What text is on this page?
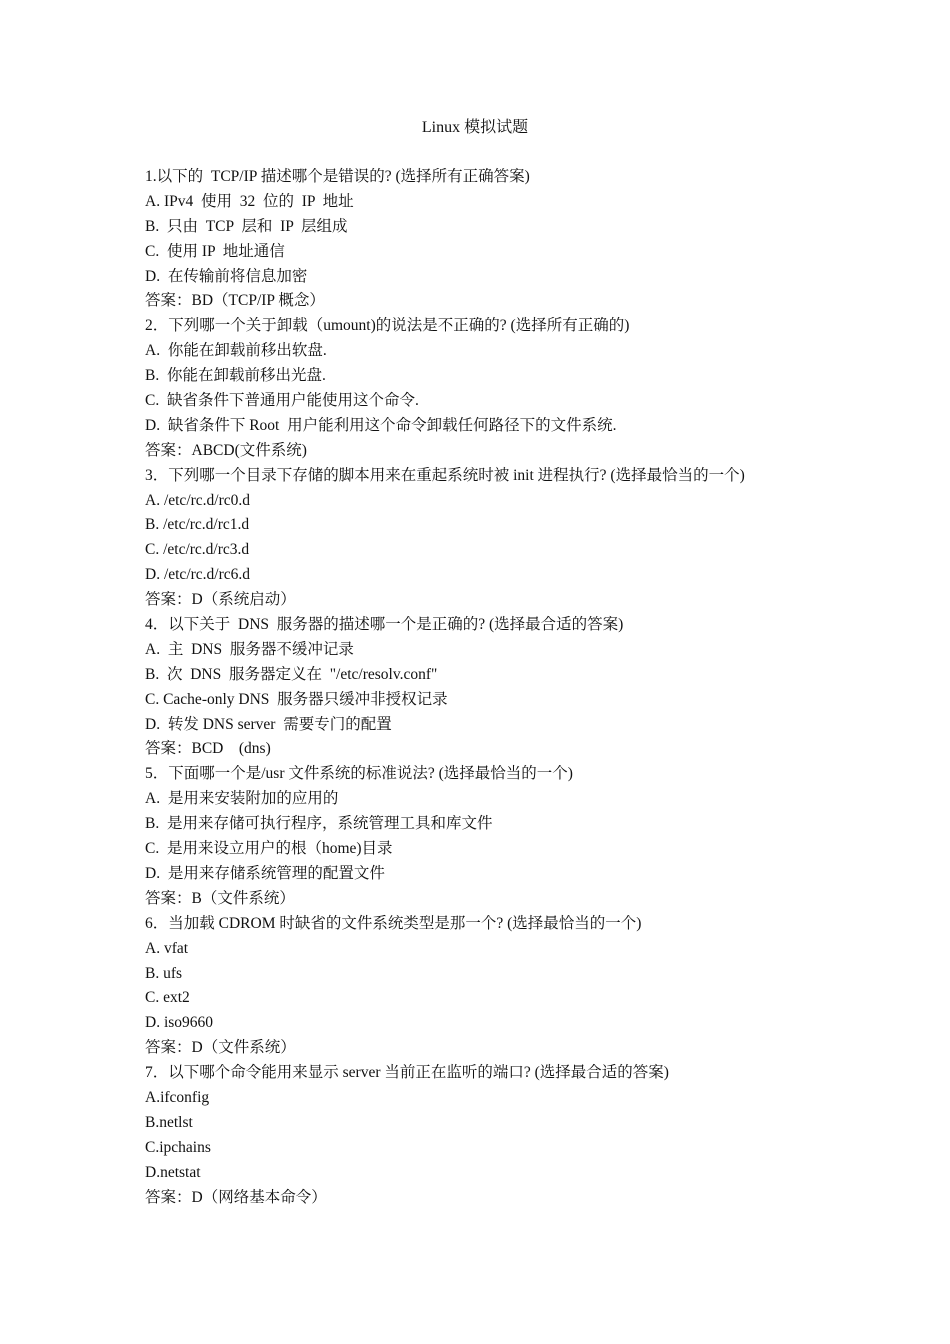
Linux 模拟试题
1.以下的  TCP/IP 描述哪个是错误的? (选择所有正确答案)
A. IPv4  使用  32  位的  IP  地址
B.  只由  TCP  层和  IP  层组成
C.  使用 IP  地址通信
D.  在传输前将信息加密
答案：BD（TCP/IP 概念）
2．下列哪一个关于卸载（umount)的说法是不正确的? (选择所有正确的)
A.  你能在卸载前移出软盘.
B.  你能在卸载前移出光盘.
C.  缺省条件下普通用户能使用这个命令.
D.  缺省条件下 Root  用户能利用这个命令卸载任何路径下的文件系统.
答案：ABCD(文件系统)
3．下列哪一个目录下存储的脚本用来在重起系统时被 init 进程执行? (选择最恰当的一个)
A. /etc/rc.d/rc0.d
B. /etc/rc.d/rc1.d
C. /etc/rc.d/rc3.d
D. /etc/rc.d/rc6.d
答案：D（系统启动）
4．以下关于  DNS  服务器的描述哪一个是正确的? (选择最合适的答案)
A.  主  DNS  服务器不缓冲记录
B.  次  DNS  服务器定义在  "/etc/resolv.conf"
C. Cache-only DNS  服务器只缓冲非授权记录
D.  转发 DNS server  需要专门的配置
答案：BCD    (dns)
5．下面哪一个是/usr 文件系统的标准说法? (选择最恰当的一个)
A.  是用来安装附加的应用的
B.  是用来存储可执行程序，系统管理工具和库文件
C.  是用来设立用户的根（home)目录
D.  是用来存储系统管理的配置文件
答案：B（文件系统）
6．当加载 CDROM 时缺省的文件系统类型是那一个? (选择最恰当的一个)
A. vfat
B. ufs
C. ext2
D. iso9660
答案：D（文件系统）
7．以下哪个命令能用来显示 server 当前正在监听的端口? (选择最合适的答案)
A.ifconfig
B.netlst
C.ipchains
D.netstat
答案：D（网络基本命令）
